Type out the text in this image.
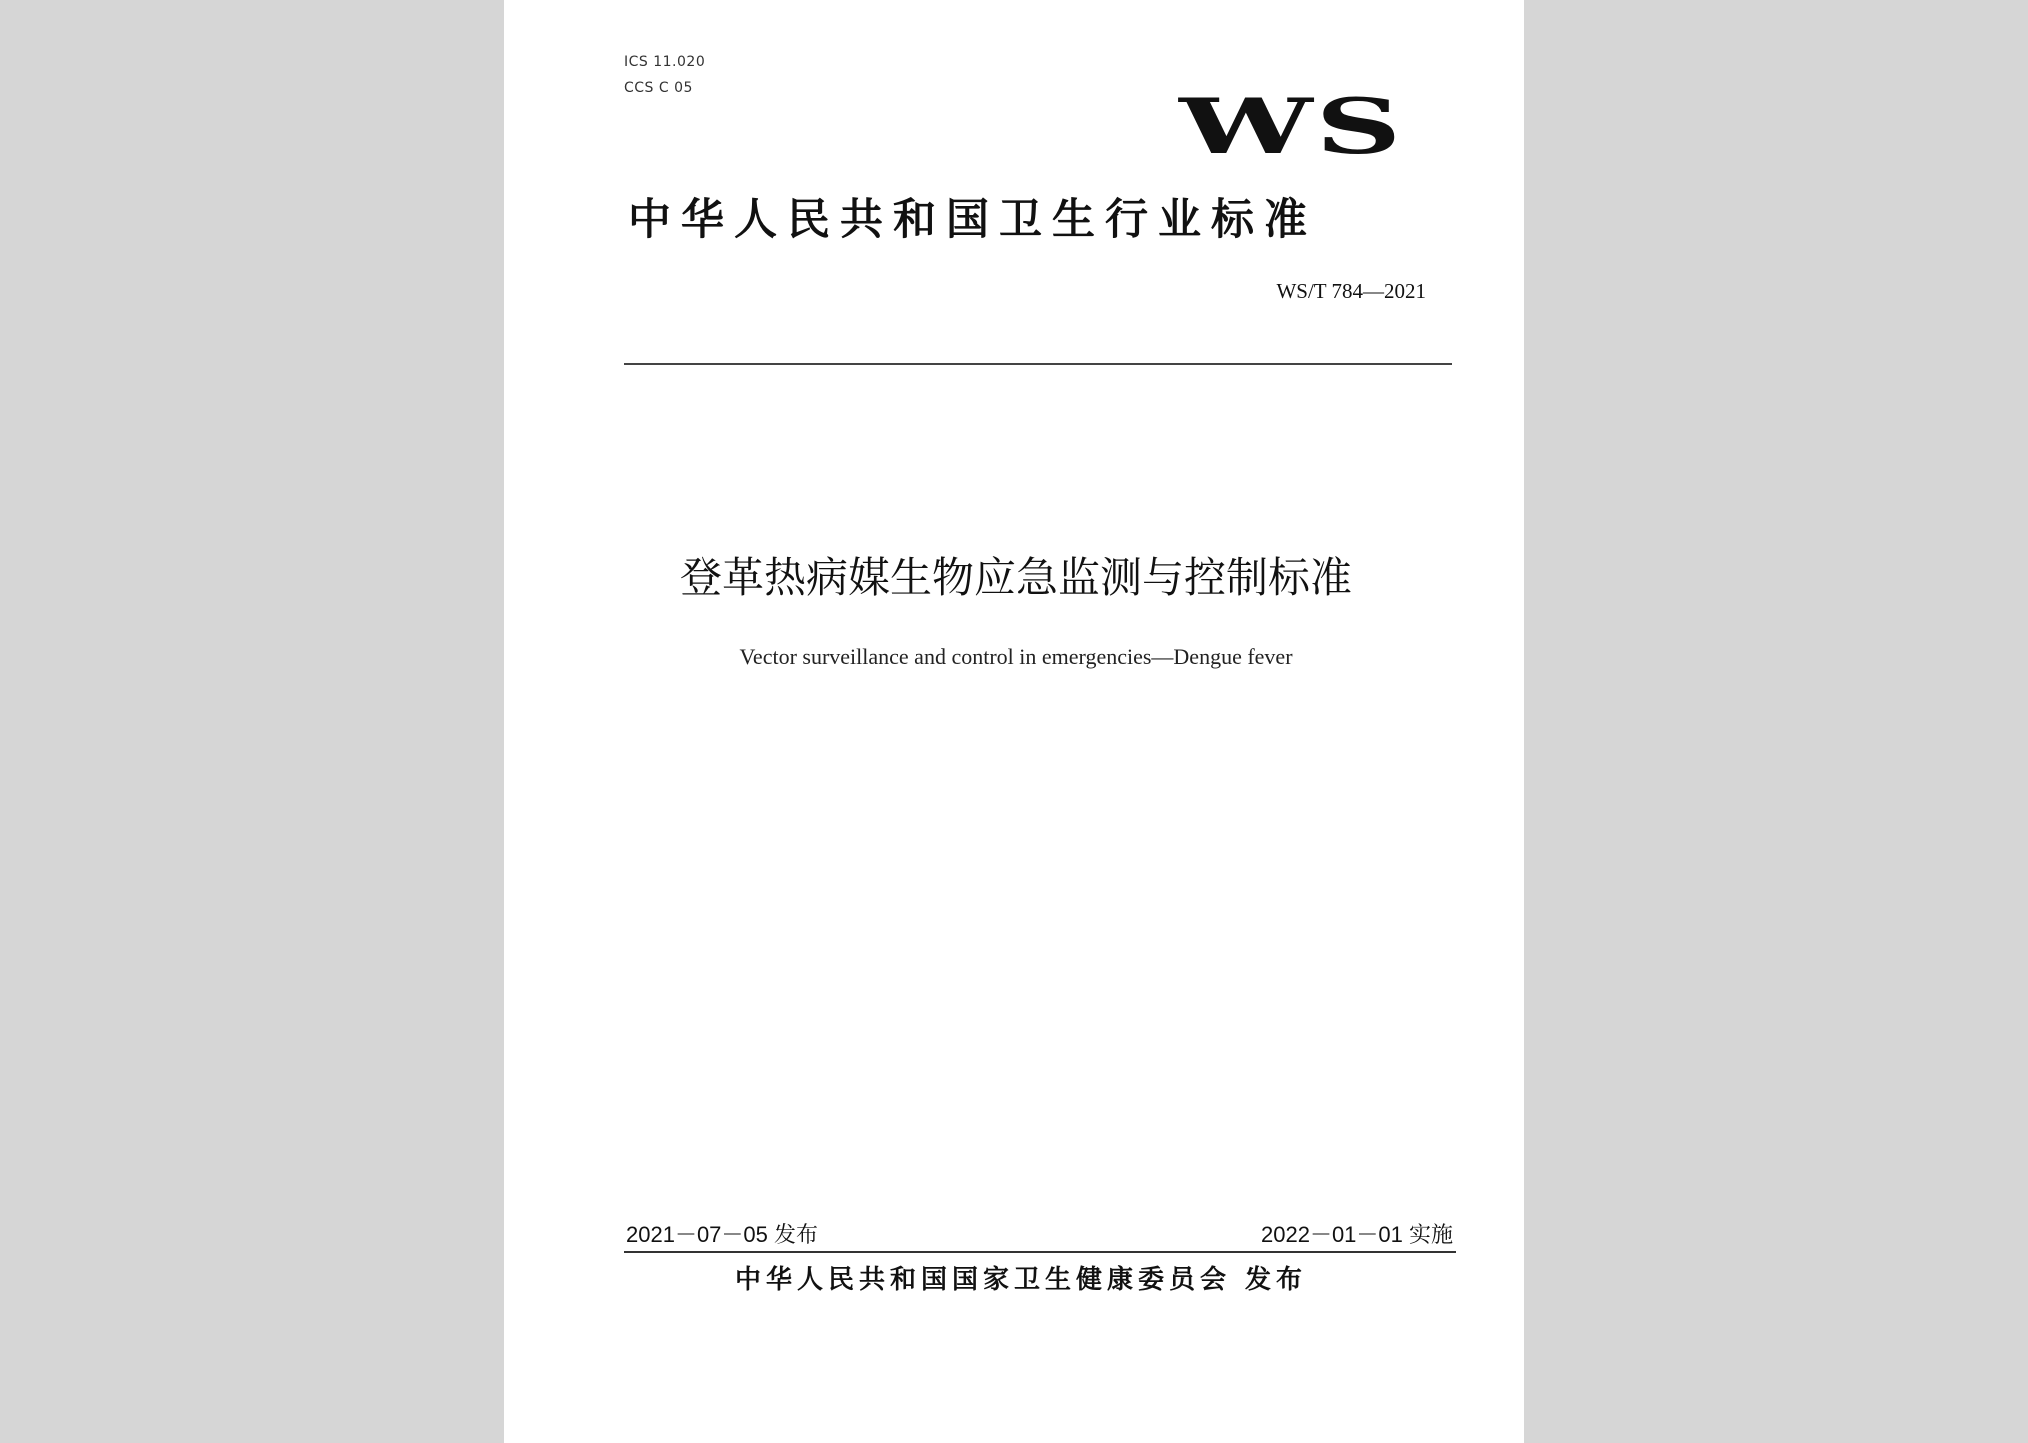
ICS 11.020

CCS C 05	WS

中华人民共和国卫生行业标准

WS/T 784—2021

登革热病媒生物应急监测与控制标准

Vector surveillance and control in emergencies—Dengue fever

2021－07－05 发布	2022－01－01 实施

中华人民共和国国家卫生健康委员会 发布
